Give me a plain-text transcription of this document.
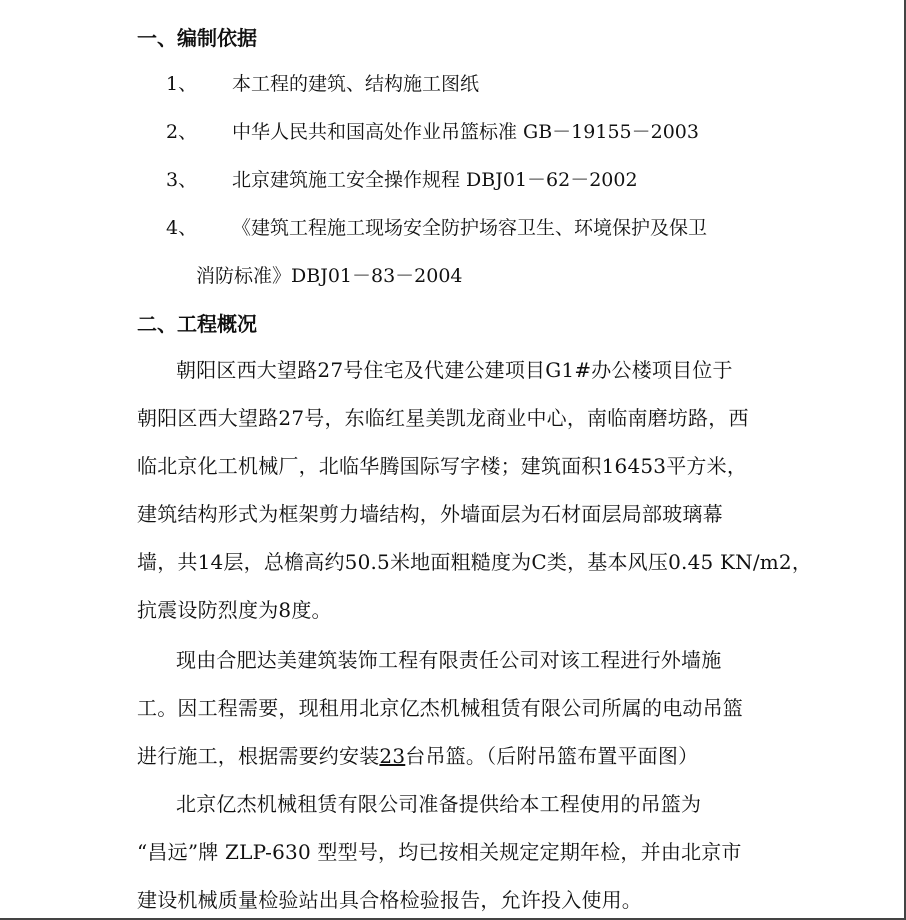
一、编制依据
1、 本工程的建筑、结构施工图纸
2、 中华人民共和国高处作业吊篮标准 GB－19155－2003
3、 北京建筑施工安全操作规程 DBJ01－62－2002
4、 《建筑工程施工现场安全防护场容卫生、环境保护及保卫
消防标准》DBJ01－83－2004
二、工程概况
朝阳区西大望路27号住宅及代建公建项目G1#办公楼项目位于
朝阳区西大望路27号，东临红星美凯龙商业中心，南临南磨坊路，西
临北京化工机械厂，北临华腾国际写字楼；建筑面积16453平方米，
建筑结构形式为框架剪力墙结构，外墙面层为石材面层局部玻璃幕
墙，共14层，总檐高约50.5米地面粗糙度为C类，基本风压0.45 KN/m2，
抗震设防烈度为8度。
现由合肥达美建筑装饰工程有限责任公司对该工程进行外墙施
工。因工程需要，现租用北京亿杰机械租赁有限公司所属的电动吊篮
进行施工，根据需要约安装23台吊篮。（后附吊篮布置平面图）
北京亿杰机械租赁有限公司准备提供给本工程使用的吊篮为
“昌远”牌 ZLP-630 型型号，均已按相关规定定期年检，并由北京市
建设机械质量检验站出具合格检验报告，允许投入使用。
